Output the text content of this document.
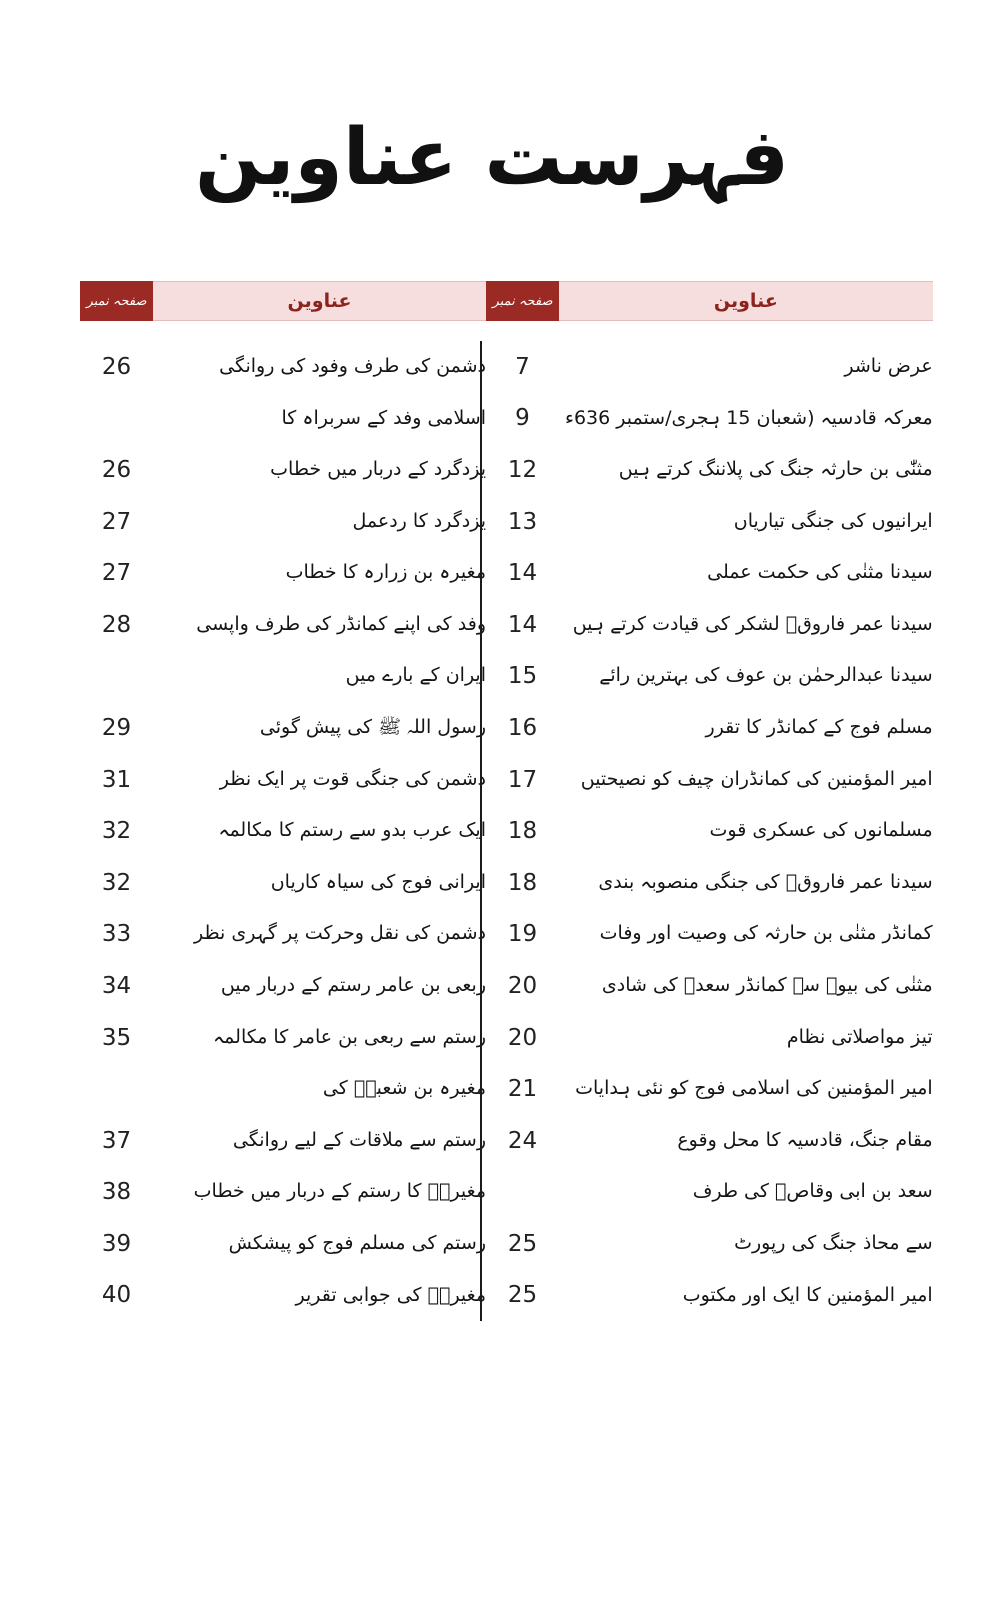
فہرست عناوین
صفحہ نمبر	عناوین
26	دشمن کی طرف وفود کی روانگی
اسلامی وفد کے سربراہ کا
26	یزدگرد کے دربار میں خطاب
27	یزدگرد کا ردعمل
27	مغیرہ بن زرارہ کا خطاب
28	وفد کی اپنے کمانڈر کی طرف واپسی
ایران کے بارے میں
29	رسول اللہ ﷺ کی پیش گوئی
31	دشمن کی جنگی قوت پر ایک نظر
32	ایک عرب بدو سے رستم کا مکالمہ
32	ایرانی فوج کی سیاہ کاریاں
33	دشمن کی نقل وحرکت پر گہری نظر
34	ربعی بن عامر رستم کے دربار میں
35	رستم سے ربعی بن عامر کا مکالمہ
مغیرہ بن شعبہؓ کی
37	رستم سے ملاقات کے لیے روانگی
38	مغیرہؓ کا رستم کے دربار میں خطاب
39	رستم کی مسلم فوج کو پیشکش
40	مغیرہؓ کی جوابی تقریر
صفحہ نمبر	عناوین
7	عرض ناشر
9	معرکہ قادسیہ (شعبان 15 ہجری/ستمبر 636ء
12	مثنّٰی بن حارثہ جنگ کی پلاننگ کرتے ہیں
13	ایرانیوں کی جنگی تیاریاں
14	سیدنا مثنٰی کی حکمت عملی
14	سیدنا عمر فاروقؓ لشکر کی قیادت کرتے ہیں
15	سیدنا عبدالرحمٰن بن عوف کی بہترین رائے
16	مسلم فوج کے کمانڈر کا تقرر
17	امیر المؤمنین کی کمانڈران چیف کو نصیحتیں
18	مسلمانوں کی عسکری قوت
18	سیدنا عمر فاروقؓ کی جنگی منصوبہ بندی
19	کمانڈر مثنٰی بن حارثہ کی وصیت اور وفات
20	مثنٰی کی بیوہ سے کمانڈر سعدؓ کی شادی
20	تیز مواصلاتی نظام
21	امیر المؤمنین کی اسلامی فوج کو نئی ہدایات
24	مقام جنگ، قادسیہ کا محل وقوع
سعد بن ابی وقاصؓ کی طرف
25	سے محاذ جنگ کی رپورٹ
25	امیر المؤمنین کا ایک اور مکتوب
